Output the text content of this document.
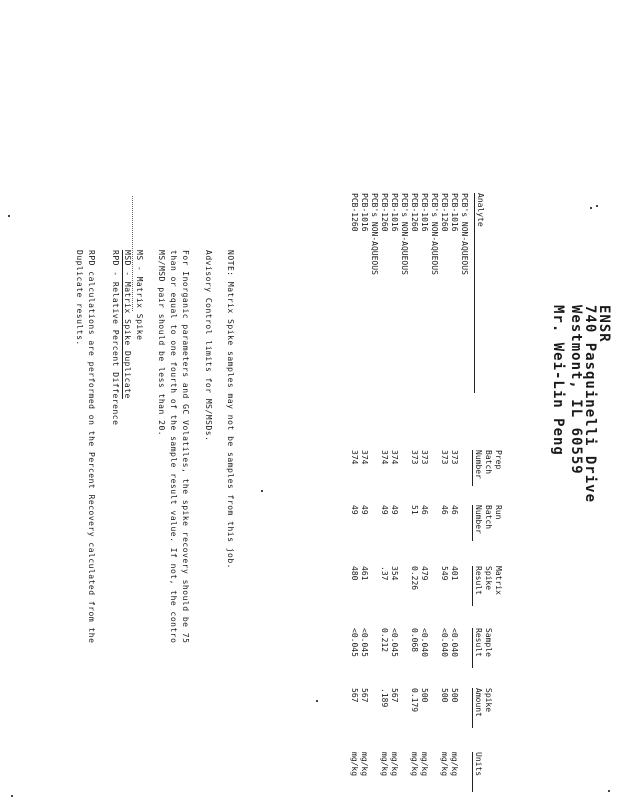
ENSR
740 Pasquinelli Drive
Westmont, IL 60559
Mr. Wei-Lin Peng
Analyte
Prep
Batch
Number
Run
Batch
Number
Matrix
Spike
Result
Sample
Result
Spike
Amount
Units
PCB's NON-AQUEOUS
PCB-1016
373
46
401
<0.040
500
mg/kg
PCB-1260
373
46
549
<0.040
500
mg/kg
PCB's NON-AQUEOUS
PCB-1016
373
46
479
<0.040
500
mg/kg
PCB-1260
373
51
0.226
0.068
0.179
mg/kg
PCB's NON-AQUEOUS
PCB-1016
374
49
354
<0.045
567
mg/kg
PCB-1260
374
49
.37
0.212
.189
mg/kg
PCB's NON-AQUEOUS
PCB-1016
374
49
461
<0.045
567
mg/kg
PCB-1260
374
49
480
<0.045
567
mg/kg
NOTE: Matrix Spike samples may not be samples from this job.
Advisory Control limits for MS/MSDs.
For Inorganic parameters and GC Volatiles, the spike recovery should be 75
than or equal to one fourth of the sample result value. If not, the contro
MS/MSD pair should be less than 20.
MS - Matrix Spike
MSD - Matrix Spike Duplicate
RPD - Relative Percent Difference
RPD calculations are performed on the Percent Recovery calculated from the
Duplicate results.
